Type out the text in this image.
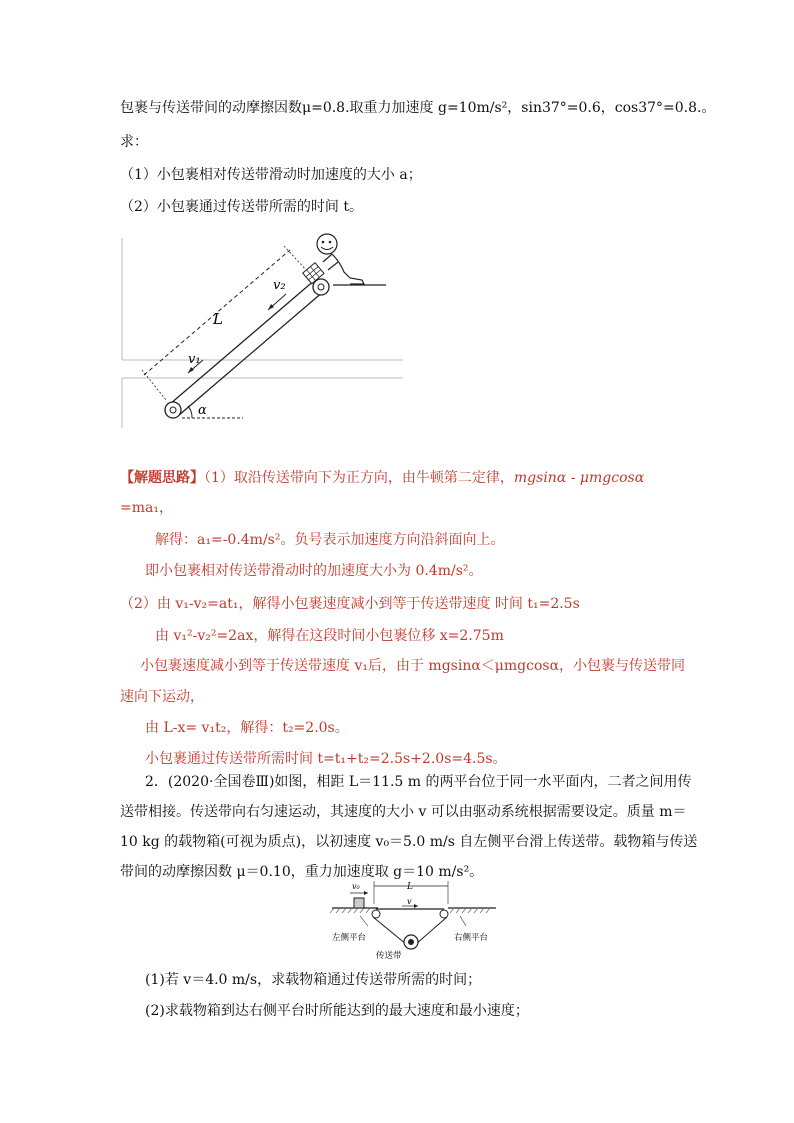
包裹与传送带间的动摩擦因数μ=0.8.取重力加速度 g=10m/s²，sin37°=0.6，cos37°=0.8.。
求：
（1）小包裹相对传送带滑动时加速度的大小 a；
（2）小包裹通过传送带所需的时间 t。
α
L
v₂
v₁
【解题思路】（1）取沿传送带向下为正方向，由牛顿第二定律，mgsinα - μmgcosα
=ma₁，
解得：a₁=-0.4m/s²。负号表示加速度方向沿斜面向上。
即小包裹相对传送带滑动时的加速度大小为 0.4m/s²。
（2）由 v₁-v₂=at₁，解得小包裹速度减小到等于传送带速度 时间 t₁=2.5s
由 v₁²-v₂²=2ax，解得在这段时间小包裹位移 x=2.75m
小包裹速度减小到等于传送带速度 v₁后，由于 mgsinα＜μmgcosα，小包裹与传送带同
速向下运动，
由 L-x= v₁t₂，解得：t₂=2.0s。
小包裹通过传送带所需时间 t=t₁+t₂=2.5s+2.0s=4.5s。
2．(2020·全国卷Ⅲ)如图，相距 L＝11.5 m 的两平台位于同一水平面内，二者之间用传
送带相接。传送带向右匀速运动，其速度的大小 v 可以由驱动系统根据需要设定。质量 m＝
10 kg 的载物箱(可视为质点)，以初速度 v₀＝5.0 m/s 自左侧平台滑上传送带。载物箱与传送
带间的动摩擦因数 μ＝0.10，重力加速度取 g＝10 m/s²。
v₀	L
v
左侧平台	右侧平台
传送带
(1)若 v＝4.0 m/s，求载物箱通过传送带所需的时间；
(2)求载物箱到达右侧平台时所能达到的最大速度和最小速度；
